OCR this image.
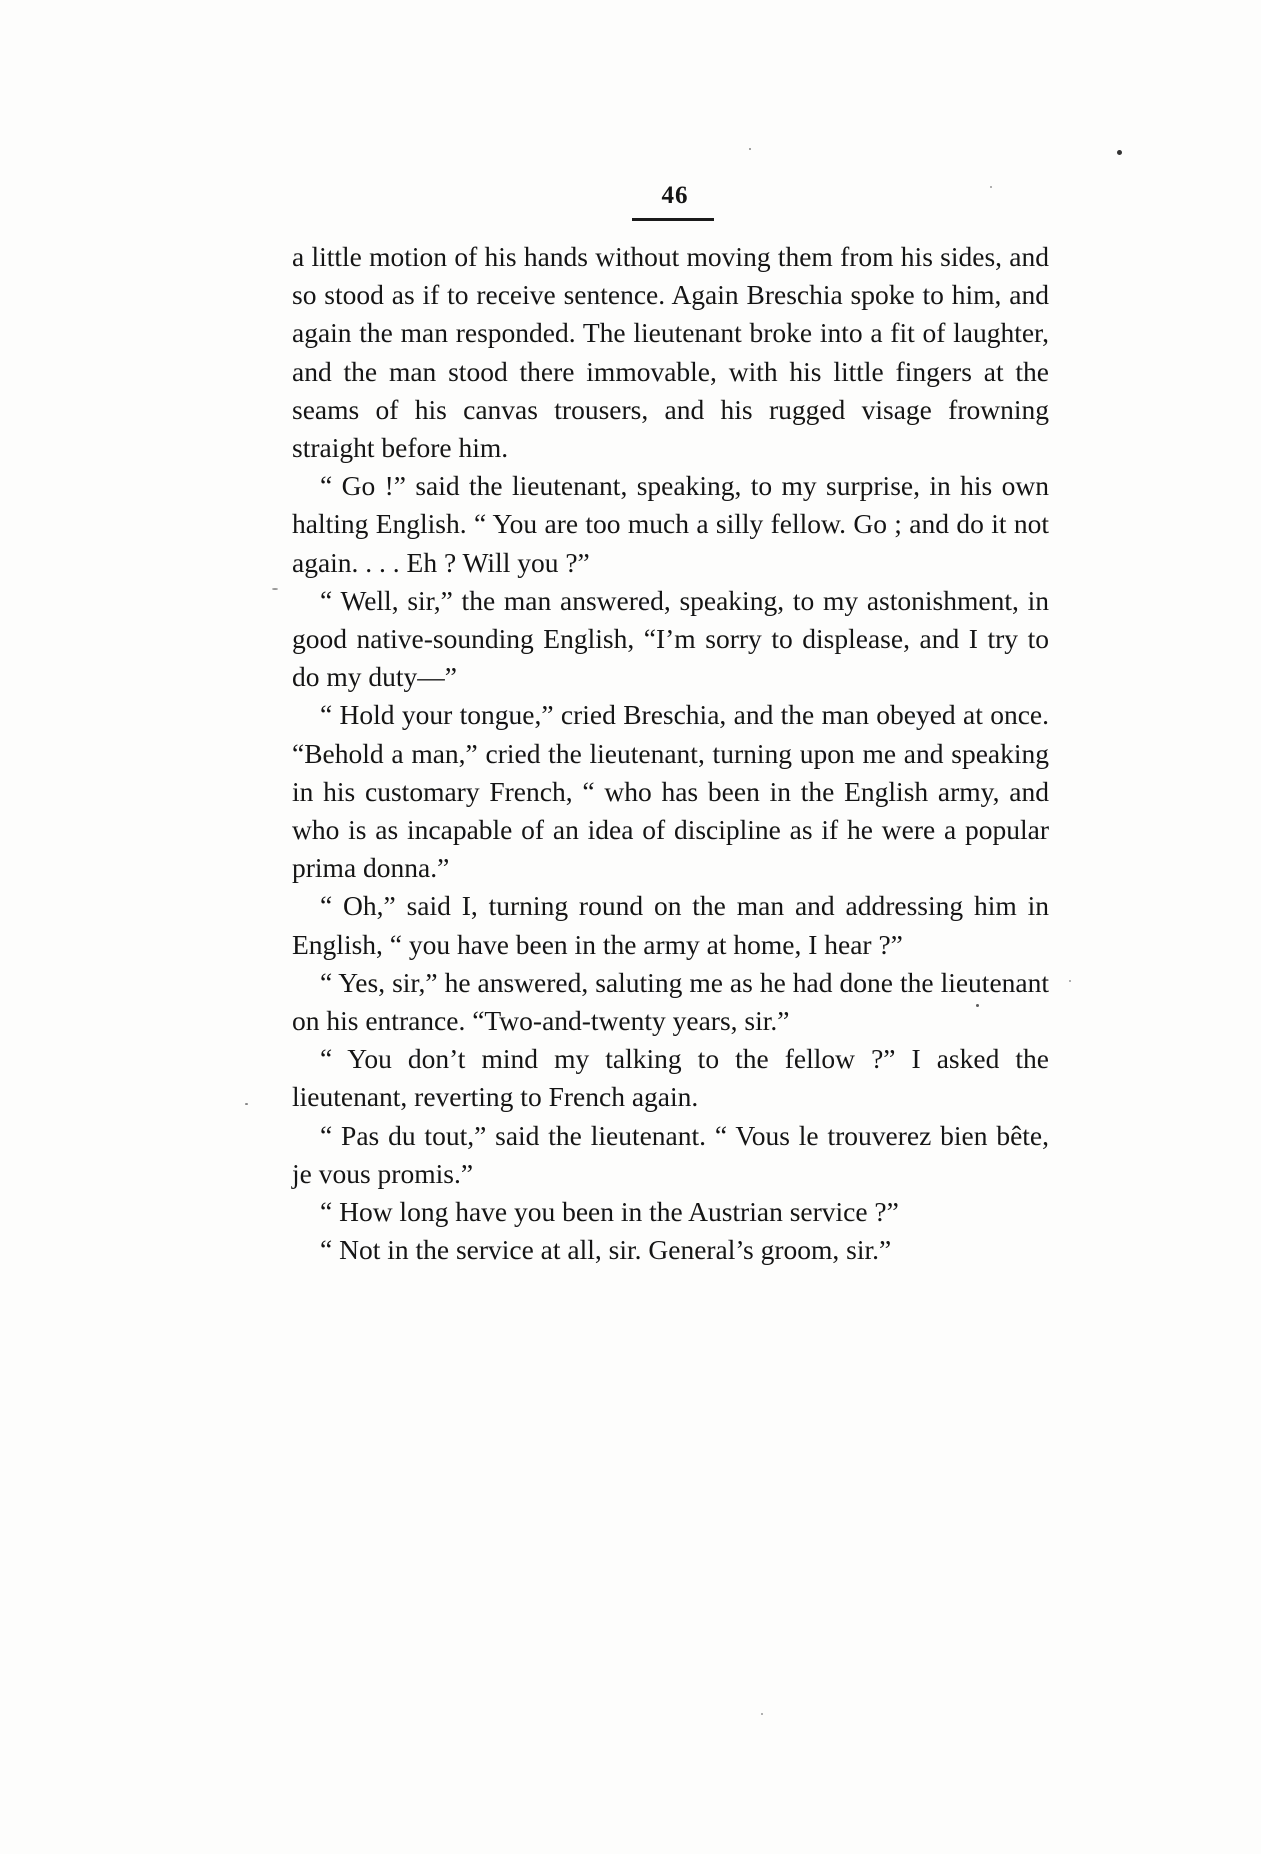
46

a little motion of his hands without moving them from his sides, and so stood as if to receive sentence. Again Breschia spoke to him, and again the man responded. The lieutenant broke into a fit of laughter, and the man stood there immovable, with his little fingers at the seams of his canvas trousers, and his rugged visage frowning straight before him.

“ Go !” said the lieutenant, speaking, to my surprise, in his own halting English. “ You are too much a silly fellow. Go ; and do it not again. . . . Eh ? Will you ?”

“ Well, sir,” the man answered, speaking, to my astonishment, in good native-sounding English, “I’m sorry to displease, and I try to do my duty—”

“ Hold your tongue,” cried Breschia, and the man obeyed at once. “Behold a man,” cried the lieutenant, turning upon me and speaking in his customary French, “ who has been in the English army, and who is as incapable of an idea of discipline as if he were a popular prima donna.”

“ Oh,” said I, turning round on the man and addressing him in English, “ you have been in the army at home, I hear ?”

“ Yes, sir,” he answered, saluting me as he had done the lieutenant on his entrance. “Two-and-twenty years, sir.”

“ You don’t mind my talking to the fellow ?” I asked the lieutenant, reverting to French again.

“ Pas du tout,” said the lieutenant. “ Vous le trouverez bien bête, je vous promis.”

“ How long have you been in the Austrian service ?”

“ Not in the service at all, sir. General’s groom, sir.”
